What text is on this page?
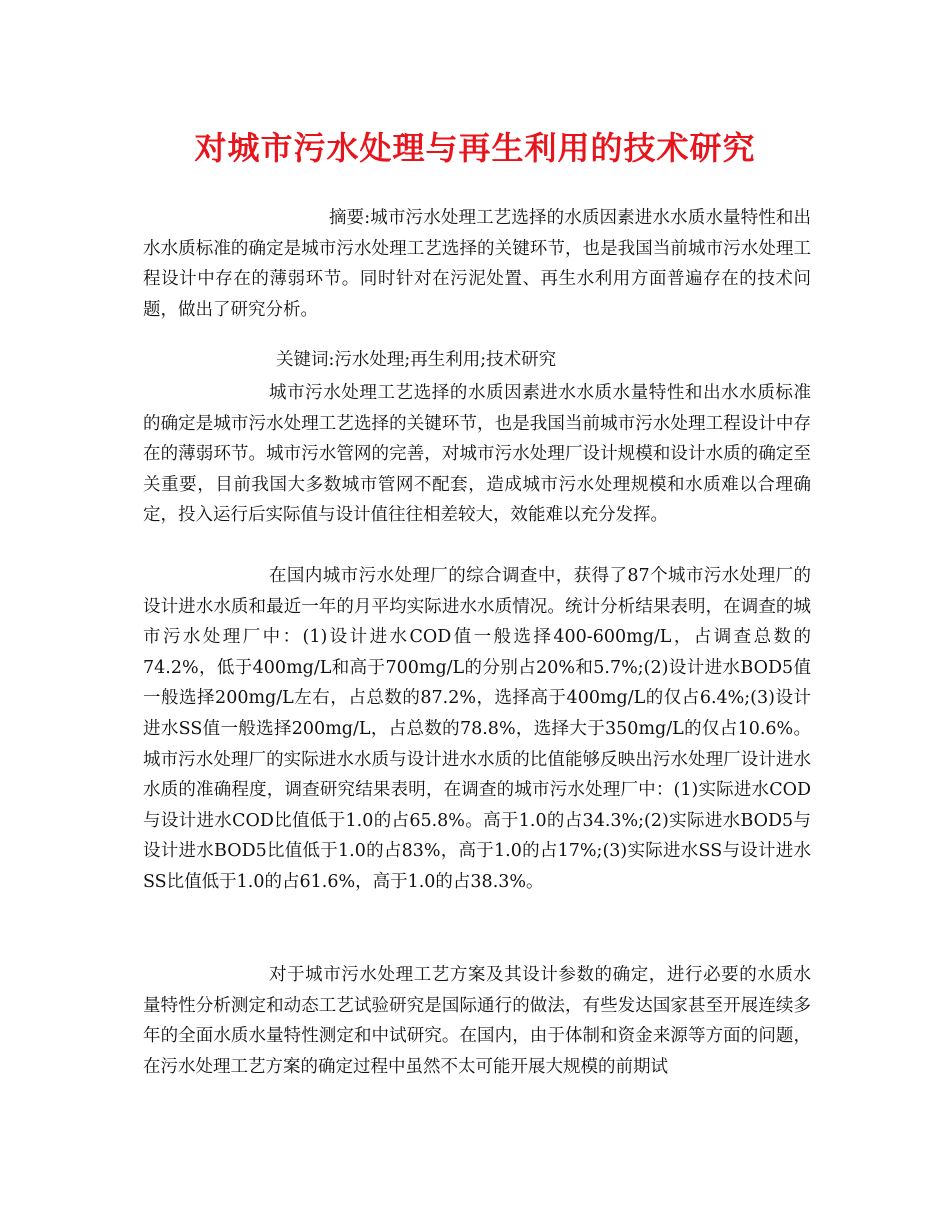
对城市污水处理与再生利用的技术研究

摘要:城市污水处理工艺选择的水质因素进水水质水量特性和出水水质标准的确定是城市污水处理工艺选择的关键环节，也是我国当前城市污水处理工程设计中存在的薄弱环节。同时针对在污泥处置、再生水利用方面普遍存在的技术问题，做出了研究分析。

关键词:污水处理;再生利用;技术研究

城市污水处理工艺选择的水质因素进水水质水量特性和出水水质标准的确定是城市污水处理工艺选择的关键环节，也是我国当前城市污水处理工程设计中存在的薄弱环节。城市污水管网的完善，对城市污水处理厂设计规模和设计水质的确定至关重要，目前我国大多数城市管网不配套，造成城市污水处理规模和水质难以合理确定，投入运行后实际值与设计值往往相差较大，效能难以充分发挥。

在国内城市污水处理厂的综合调查中，获得了87个城市污水处理厂的设计进水水质和最近一年的月平均实际进水水质情况。统计分析结果表明，在调查的城市污水处理厂中：(1)设计进水COD值一般选择400-600mg/L，占调查总数的74.2%，低于400mg/L和高于700mg/L的分别占20%和5.7%;(2)设计进水BOD5值一般选择200mg/L左右，占总数的87.2%，选择高于400mg/L的仅占6.4%;(3)设计进水SS值一般选择200mg/L，占总数的78.8%，选择大于350mg/L的仅占10.6%。城市污水处理厂的实际进水水质与设计进水水质的比值能够反映出污水处理厂设计进水水质的准确程度，调查研究结果表明，在调查的城市污水处理厂中：(1)实际进水COD与设计进水COD比值低于1.0的占65.8%。高于1.0的占34.3%;(2)实际进水BOD5与设计进水BOD5比值低于1.0的占83%，高于1.0的占17%;(3)实际进水SS与设计进水SS比值低于1.0的占61.6%，高于1.0的占38.3%。

对于城市污水处理工艺方案及其设计参数的确定，进行必要的水质水量特性分析测定和动态工艺试验研究是国际通行的做法，有些发达国家甚至开展连续多年的全面水质水量特性测定和中试研究。在国内，由于体制和资金来源等方面的问题，在污水处理工艺方案的确定过程中虽然不太可能开展大规模的前期试
